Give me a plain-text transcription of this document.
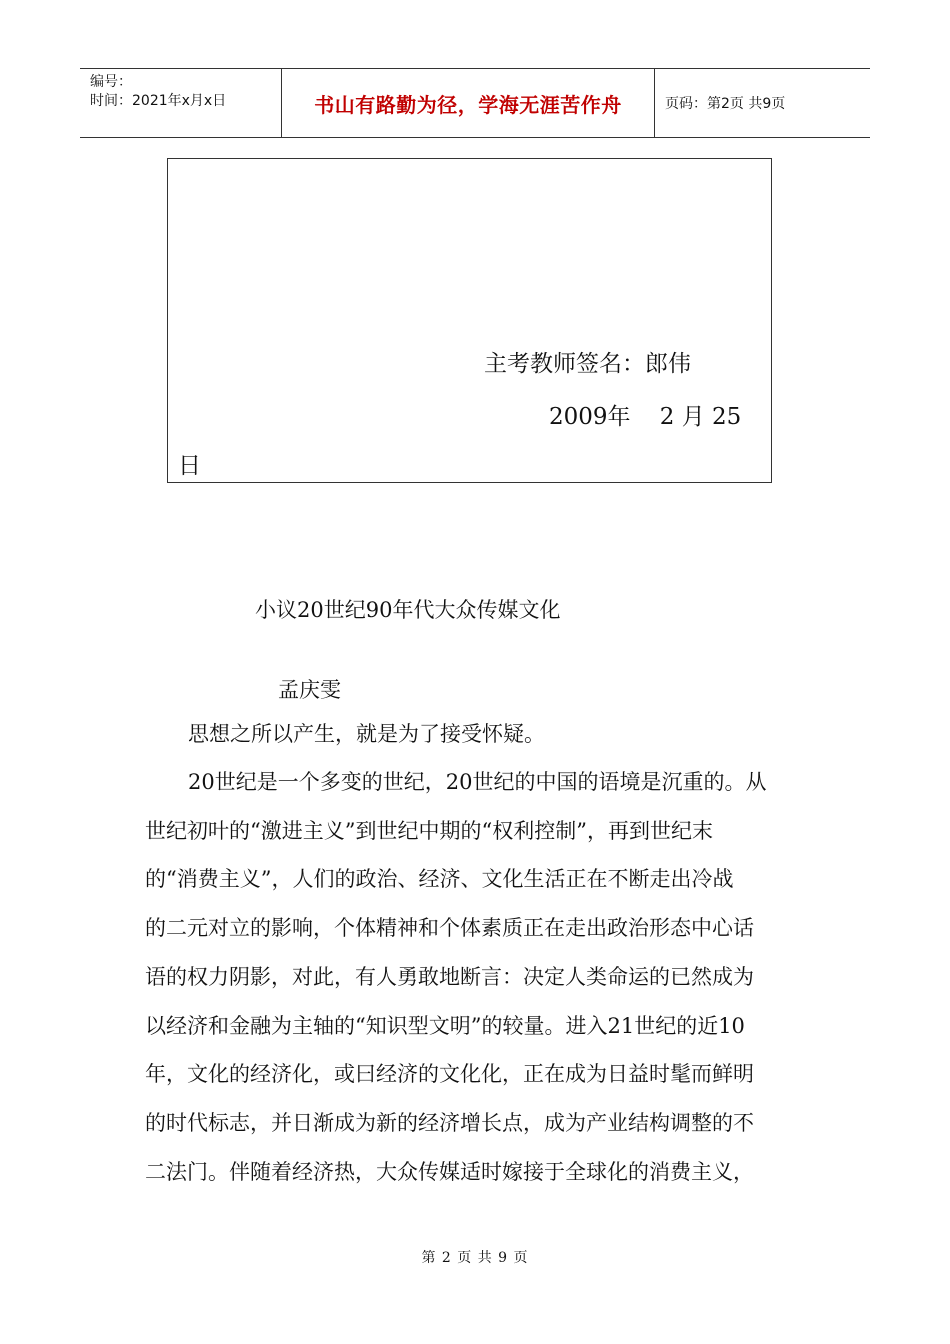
编号：
时间：2021年x月x日	书山有路勤为径，学海无涯苦作舟	页码：第2页 共9页
主考教师签名：郎伟
2009年    2 月 25
日
小议20世纪90年代大众传媒文化
孟庆雯
思想之所以产生，就是为了接受怀疑。
20世纪是一个多变的世纪，20世纪的中国的语境是沉重的。从
世纪初叶的“激进主义”到世纪中期的“权利控制”，再到世纪末
的“消费主义”，人们的政治、经济、文化生活正在不断走出冷战
的二元对立的影响，个体精神和个体素质正在走出政治形态中心话
语的权力阴影，对此，有人勇敢地断言：决定人类命运的已然成为
以经济和金融为主轴的“知识型文明”的较量。进入21世纪的近10
年，文化的经济化，或曰经济的文化化，正在成为日益时髦而鲜明
的时代标志，并日渐成为新的经济增长点，成为产业结构调整的不
二法门。伴随着经济热，大众传媒适时嫁接于全球化的消费主义，
第 2 页 共 9 页
